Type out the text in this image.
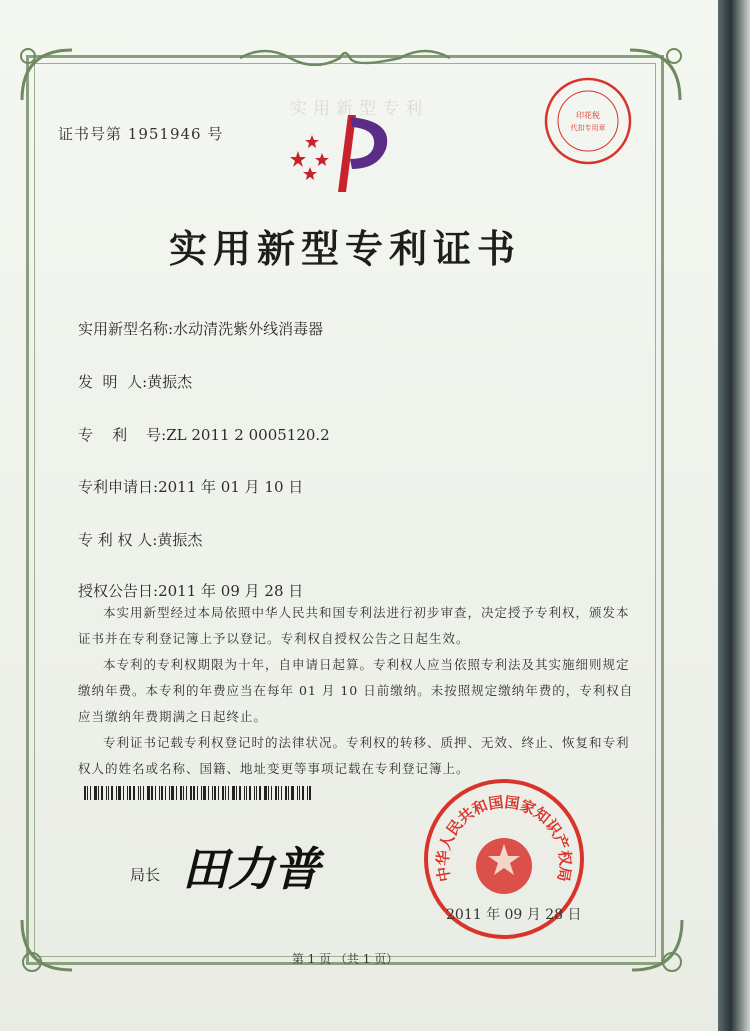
实用新型专利	印花税
代扣专用章
证书号第 1951946 号
实用新型专利证书
实用新型名称:水动清洗紫外线消毒器
发  明  人:黄振杰
专    利    号:ZL 2011 2 0005120.2
专利申请日:2011 年 01 月 10 日
专 利 权 人:黄振杰
授权公告日:2011 年 09 月 28 日

本实用新型经过本局依照中华人民共和国专利法进行初步审查，决定授予专利权，颁发本证书并在专利登记簿上予以登记。专利权自授权公告之日起生效。

本专利的专利权期限为十年，自申请日起算。专利权人应当依照专利法及其实施细则规定缴纳年费。本专利的年费应当在每年 01 月 10 日前缴纳。未按照规定缴纳年费的，专利权自应当缴纳年费期满之日起终止。

专利证书记载专利权登记时的法律状况。专利权的转移、质押、无效、终止、恢复和专利权人的姓名或名称、国籍、地址变更等事项记载在专利登记簿上。

局长 田力普	中华人民共和国国家知识产权局
2011 年 09 月 28 日
第 1 页 （共 1 页）
